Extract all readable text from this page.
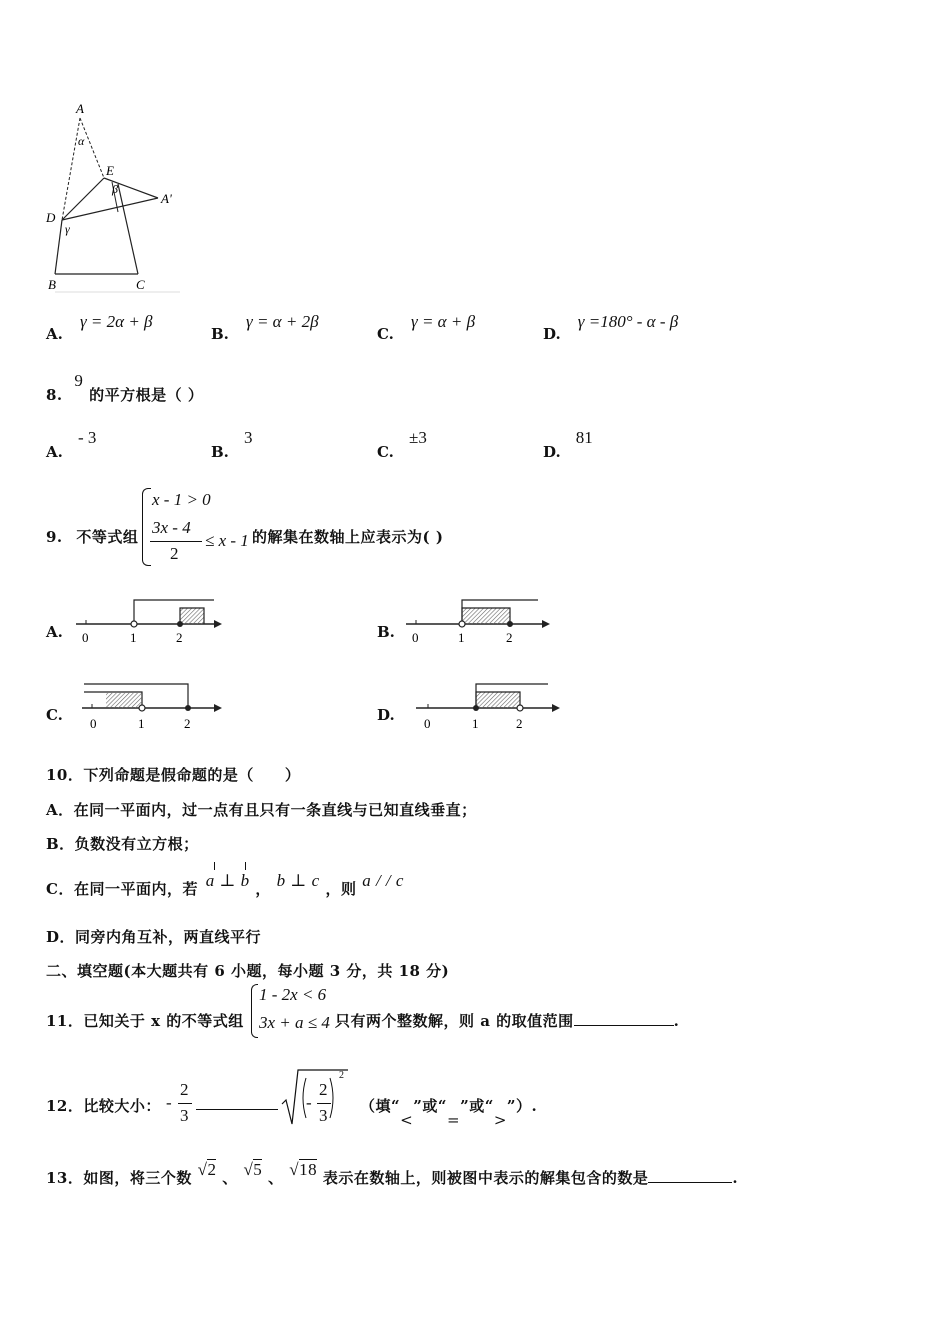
A
E
A'
D
B	C
α
β
γ
A. γ = 2α + β
B. γ = α + 2β
C. γ = α + β
D. γ =180° - α - β
8. 9 的平方根是（ ）
A. - 3
B. 3
C. ±3
D. 81
9. 不等式组
x - 1 > 0
3x - 4
2
≤ x - 1 的解集在数轴上应表示为( )
A.	B.
C.	D.
0	1	2	0	1	2
0	1	2	0	1	2
10．下列命题是假命题的是（　　）
A．在同一平面内，过一点有且只有一条直线与已知直线垂直；
B．负数没有立方根；
C．在同一平面内，若 a ⊥ b ， b ⊥ c ，则 a / / c
D．同旁内角互补，两直线平行
二、填空题(本大题共有 6 小题，每小题 3 分，共 18 分)
11．已知关于 x 的不等式组
1 - 2x < 6
3x + a ≤ 4 只有两个整数解，则 a 的取值范围	.
12．比较大小： -
2
3
-
2
3
2
（填“<”或“=”或“>”）.
13．如图，将三个数 √2 、 √5 、 √18 表示在数轴上，则被图中表示的解集包含的数是	.
